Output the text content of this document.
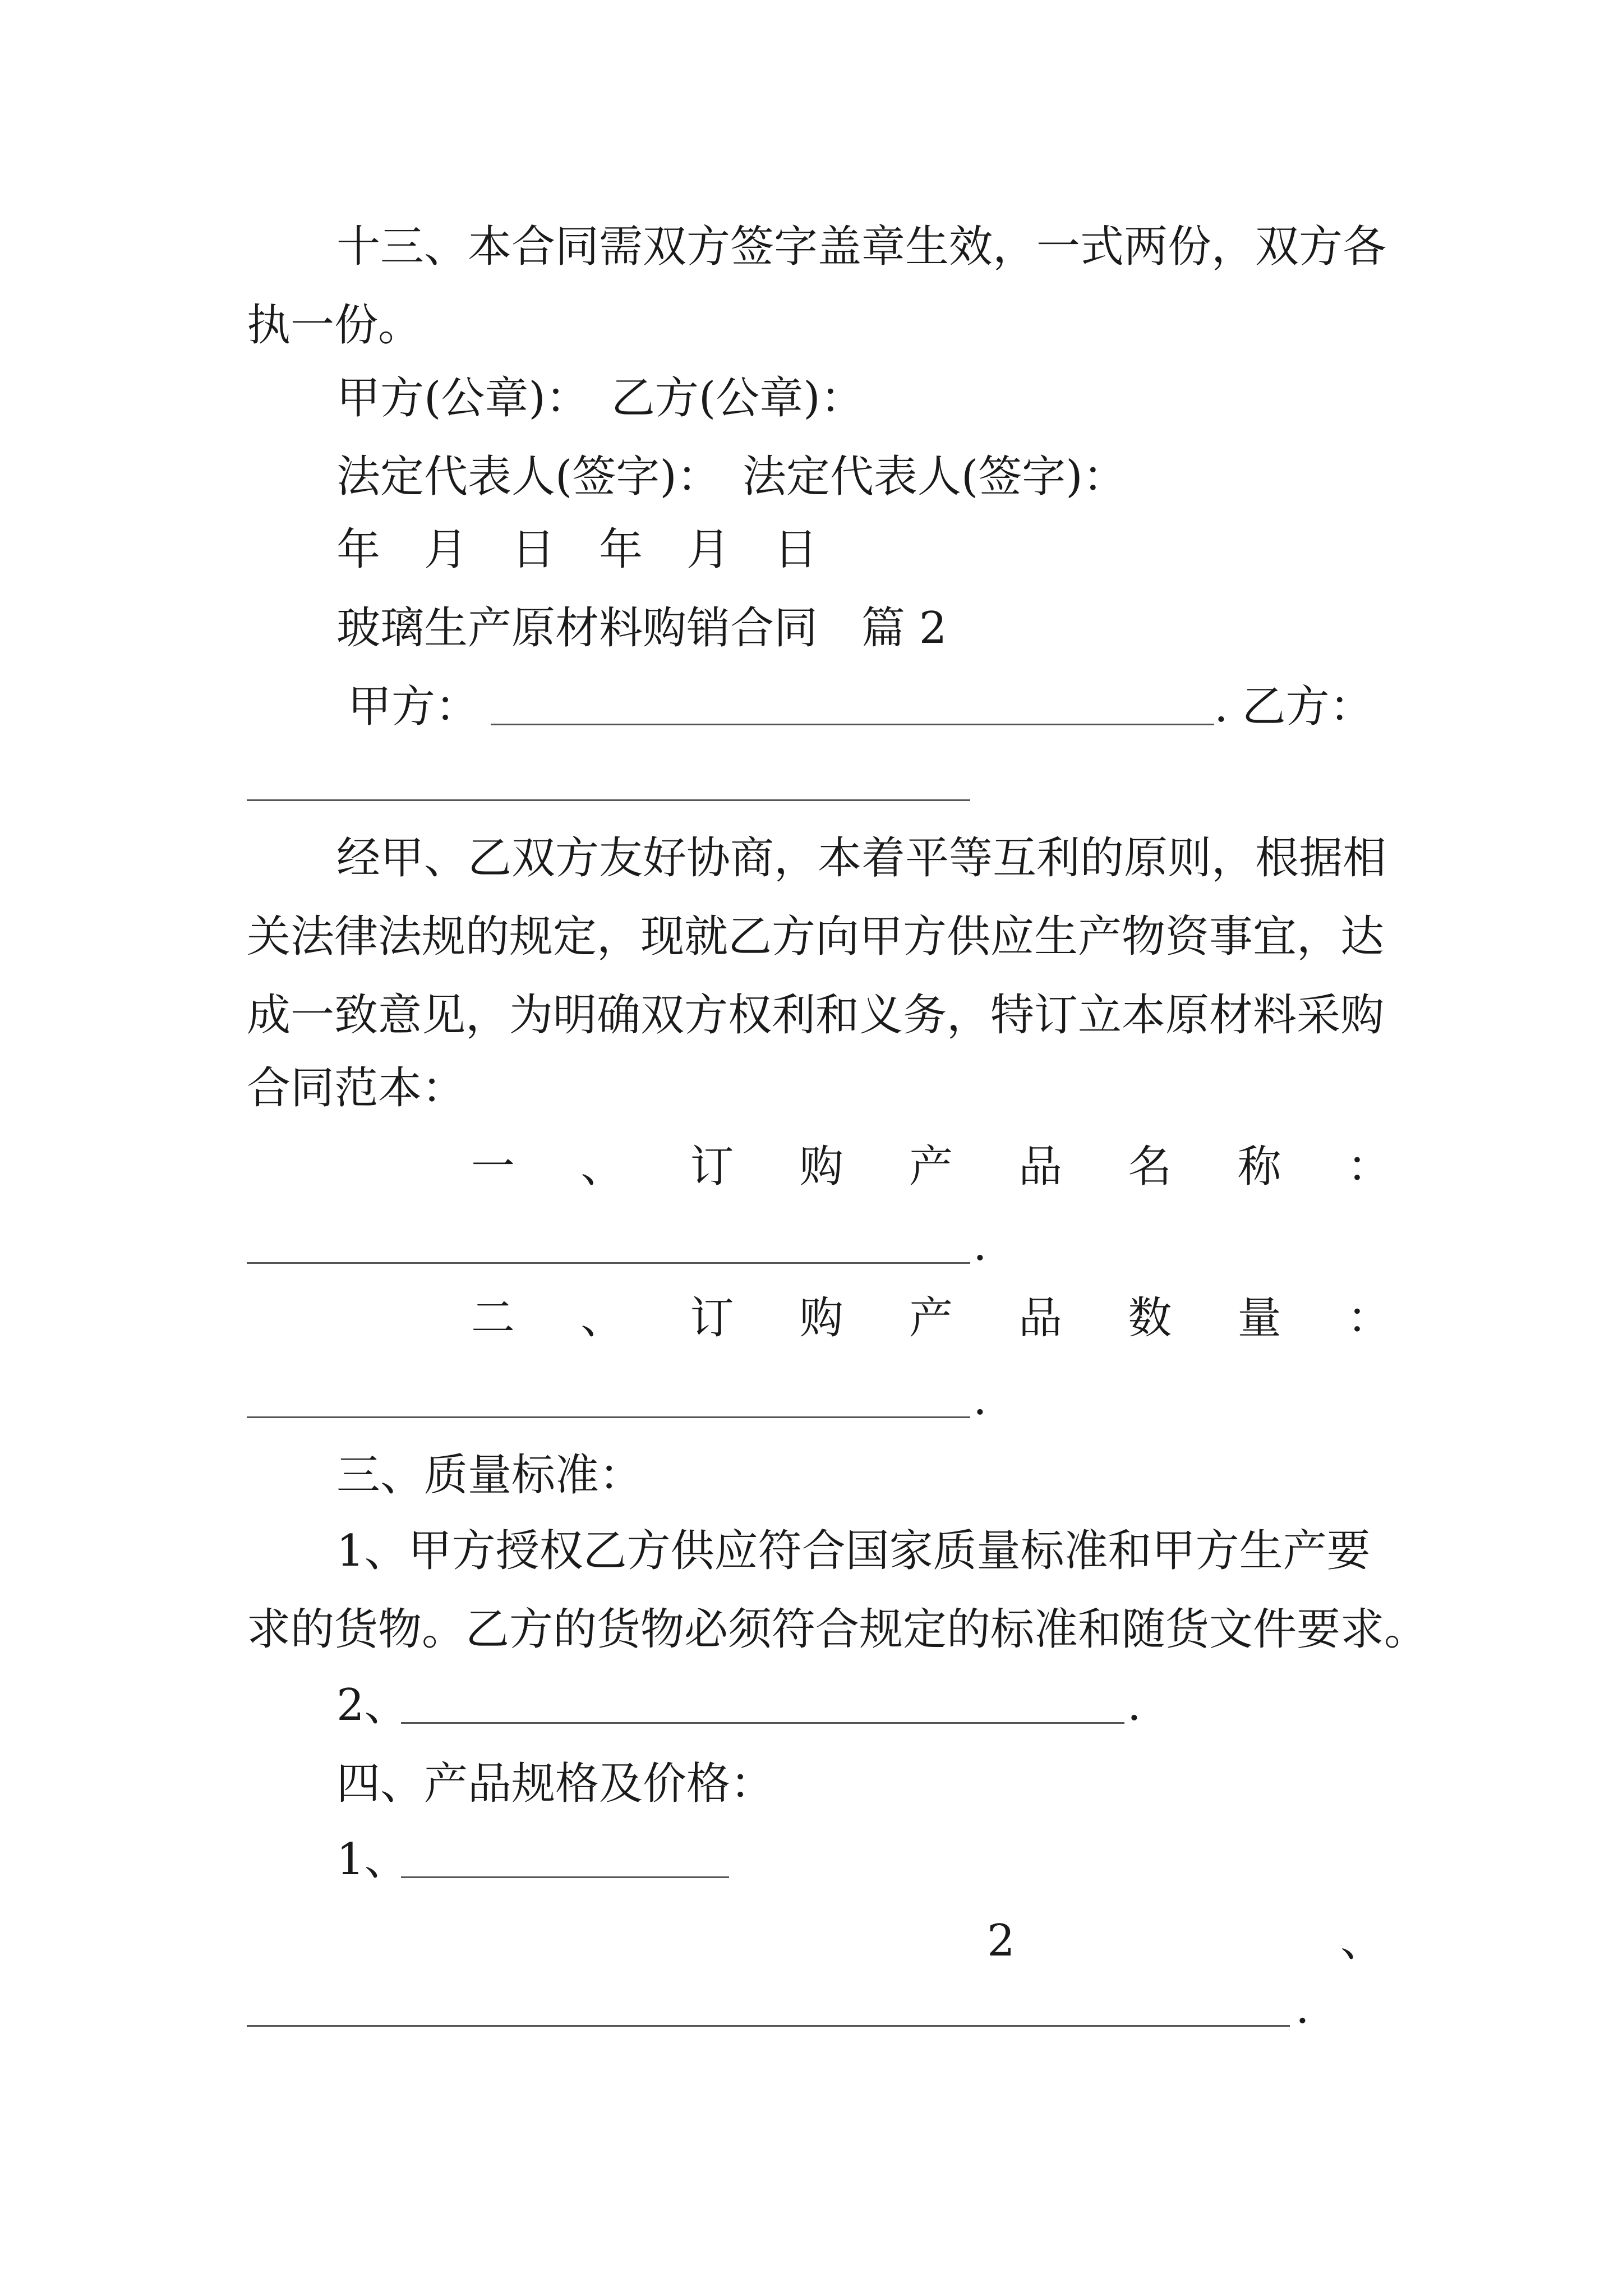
十三、本合同需双方签字盖章生效，一式两份，双方各
执一份。
甲方(公章)：　乙方(公章)：
法定代表人(签字)：　法定代表人(签字)：
年　月　日　年　月　日
玻璃生产原材料购销合同　篇 2
甲方：	. 乙方：
经甲、乙双方友好协商，本着平等互利的原则，根据相
关法律法规的规定，现就乙方向甲方供应生产物资事宜，达
成一致意见，为明确双方权利和义务，特订立本原材料采购
合同范本：
一 、 订 购 产 品 名 称 ：
.
二 、 订 购 产 品 数 量 ：
.
三、质量标准：
1、甲方授权乙方供应符合国家质量标准和甲方生产要
求的货物。乙方的货物必须符合规定的标准和随货文件要求。
2、	.
四、产品规格及价格：
1、
2	、
.
